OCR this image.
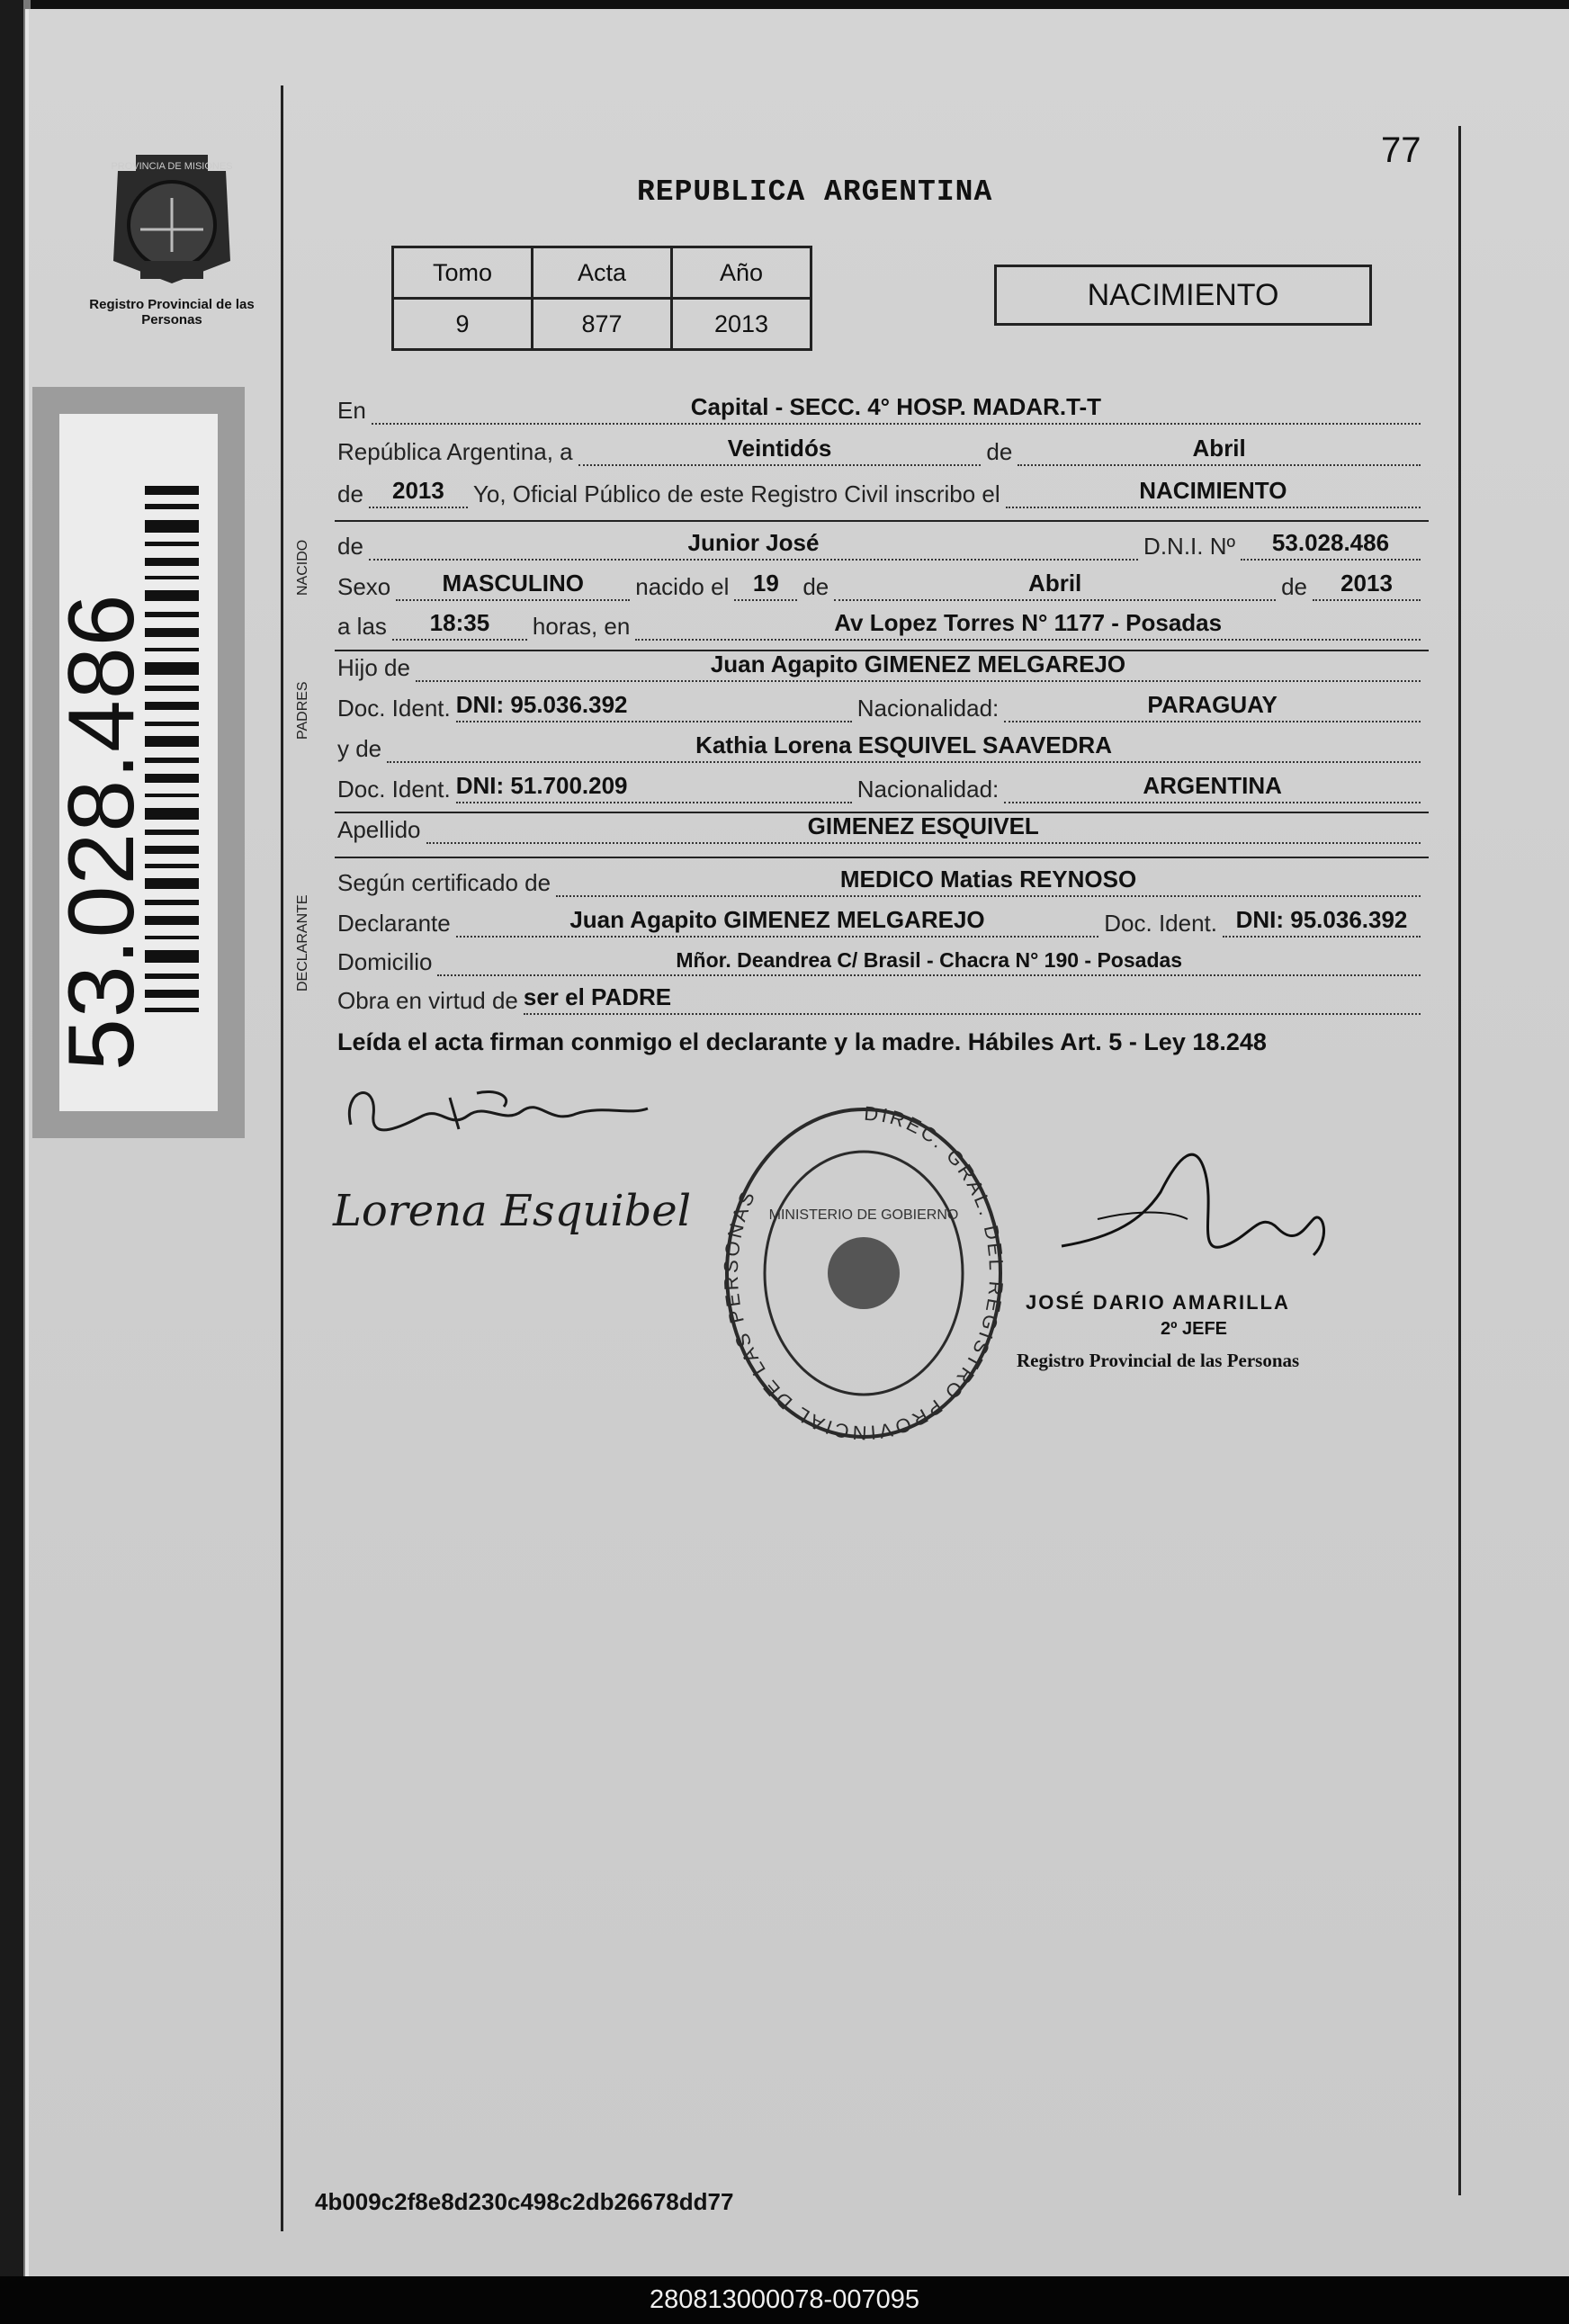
PROVINCIA DE MISIONES
Registro Provincial de las Personas
53.028.486
77
REPUBLICA ARGENTINA
Tomo	Acta	Año
9	877	2013
NACIMIENTO
En	Capital - SECC. 4° HOSP. MADAR.T-T
República Argentina, a	Veintidós	de	Abril
de	2013	Yo, Oficial Público de este Registro Civil inscribo el	NACIMIENTO
NACIDO de	Junior José	D.N.I. Nº	53.028.486
Sexo	MASCULINO	nacido el	19	de	Abril	de	2013
a las	18:35	horas, en	Av Lopez Torres N° 1177 - Posadas
PADRES
Hijo de	Juan Agapito GIMENEZ MELGAREJO
Doc. Ident. DNI: 95.036.392	Nacionalidad:	PARAGUAY
y de	Kathia Lorena ESQUIVEL SAAVEDRA
Doc. Ident. DNI: 51.700.209	Nacionalidad:	ARGENTINA
Apellido	GIMENEZ ESQUIVEL
DECLARANTE
Según certificado de	MEDICO Matias REYNOSO
Declarante	Juan Agapito GIMENEZ MELGAREJO	Doc. Ident. DNI: 95.036.392
Domicilio	Mñor. Deandrea C/ Brasil - Chacra N° 190 - Posadas
Obra en virtud de ser el PADRE
Leída el acta firman conmigo el declarante y la madre. Hábiles Art. 5 - Ley 18.248
Lorena Esquibel
DIREC. GRAL. DEL REGISTRO PROVINCIAL DE LAS PERSONAS
MINISTERIO DE GOBIERNO
JOSÉ DARIO AMARILLA
2º JEFE
Registro Provincial de las Personas
4b009c2f8e8d230c498c2db26678dd77
280813000078-007095
